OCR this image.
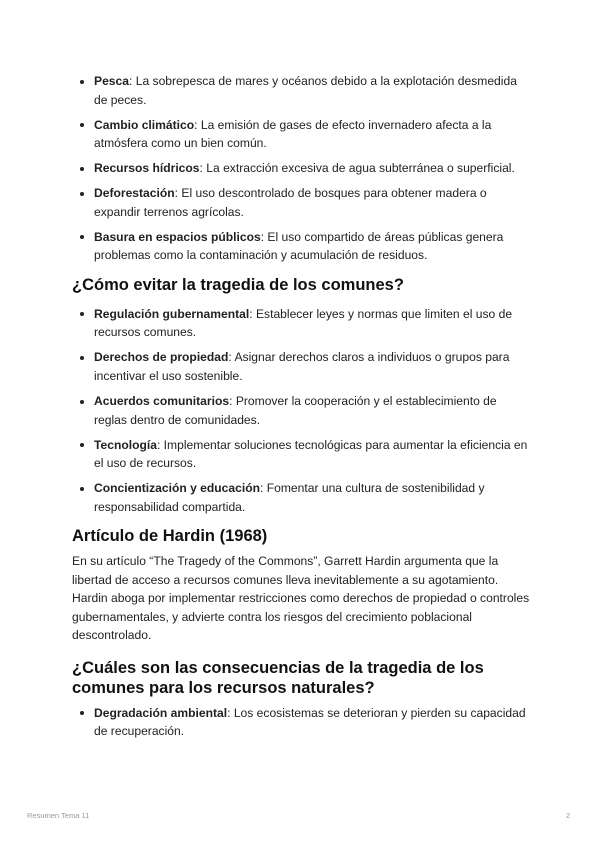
Pesca: La sobrepesca de mares y océanos debido a la explotación desmedida de peces.
Cambio climático: La emisión de gases de efecto invernadero afecta a la atmósfera como un bien común.
Recursos hídricos: La extracción excesiva de agua subterránea o superficial.
Deforestación: El uso descontrolado de bosques para obtener madera o expandir terrenos agrícolas.
Basura en espacios públicos: El uso compartido de áreas públicas genera problemas como la contaminación y acumulación de residuos.
¿Cómo evitar la tragedia de los comunes?
Regulación gubernamental: Establecer leyes y normas que limiten el uso de recursos comunes.
Derechos de propiedad: Asignar derechos claros a individuos o grupos para incentivar el uso sostenible.
Acuerdos comunitarios: Promover la cooperación y el establecimiento de reglas dentro de comunidades.
Tecnología: Implementar soluciones tecnológicas para aumentar la eficiencia en el uso de recursos.
Concientización y educación: Fomentar una cultura de sostenibilidad y responsabilidad compartida.
Artículo de Hardin (1968)

En su artículo “The Tragedy of the Commons”, Garrett Hardin argumenta que la libertad de acceso a recursos comunes lleva inevitablemente a su agotamiento. Hardin aboga por implementar restricciones como derechos de propiedad o controles gubernamentales, y advierte contra los riesgos del crecimiento poblacional descontrolado.

¿Cuáles son las consecuencias de la tragedia de los comunes para los recursos naturales?
Degradación ambiental: Los ecosistemas se deterioran y pierden su capacidad de recuperación.
Resumen Tema 11	2
